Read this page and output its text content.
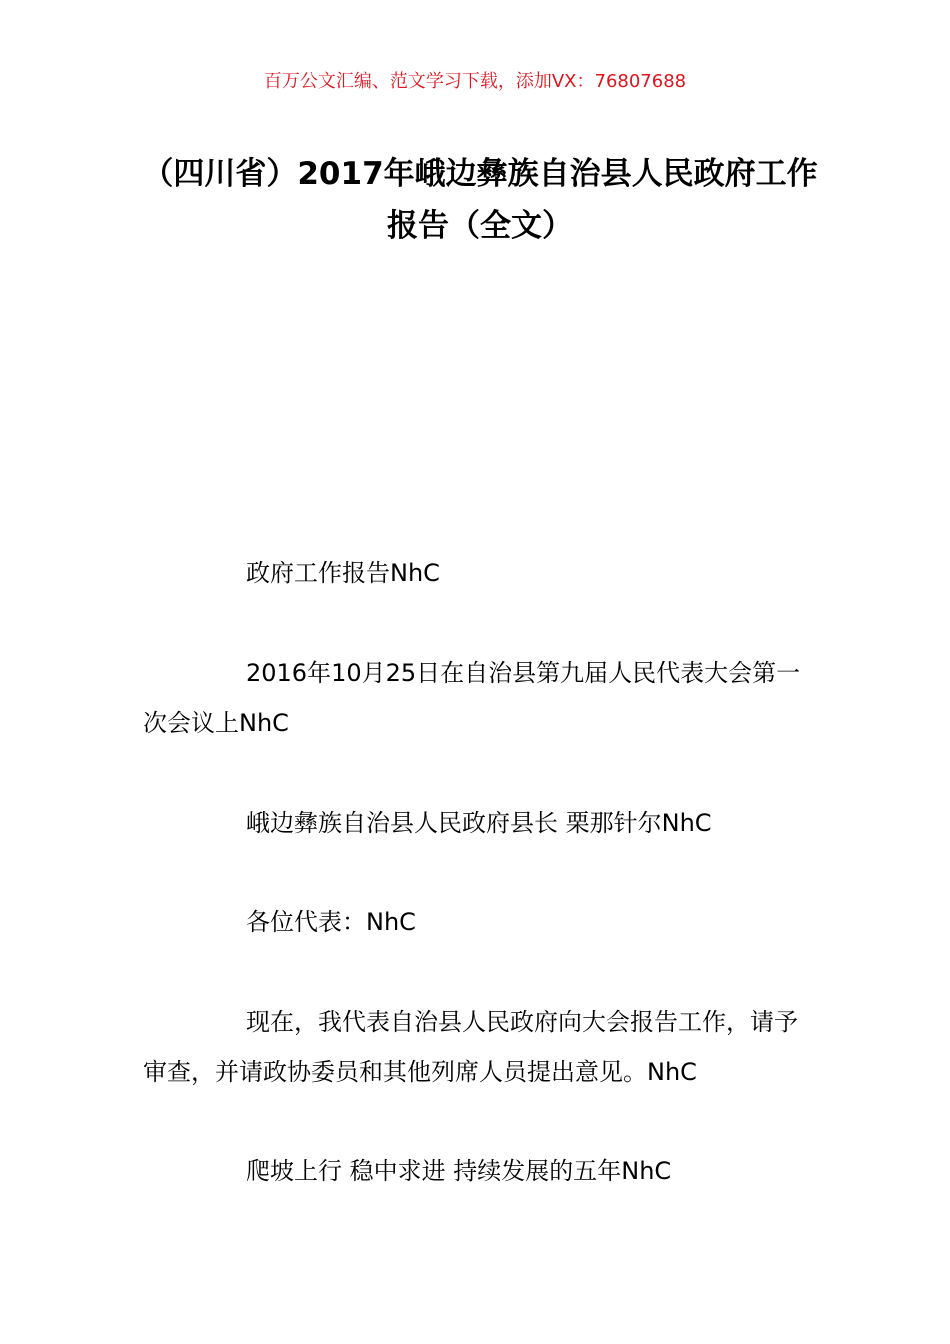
百万公文汇编、范文学习下载，添加VX：76807688
（四川省）2017年峨边彝族自治县人民政府工作报告（全文）

政府工作报告NhC

2016年10月25日在自治县第九届人民代表大会第一次会议上NhC

峨边彝族自治县人民政府县长 栗那针尔NhC

各位代表：NhC

现在，我代表自治县人民政府向大会报告工作，请予审查，并请政协委员和其他列席人员提出意见。NhC

爬坡上行 稳中求进 持续发展的五年NhC
